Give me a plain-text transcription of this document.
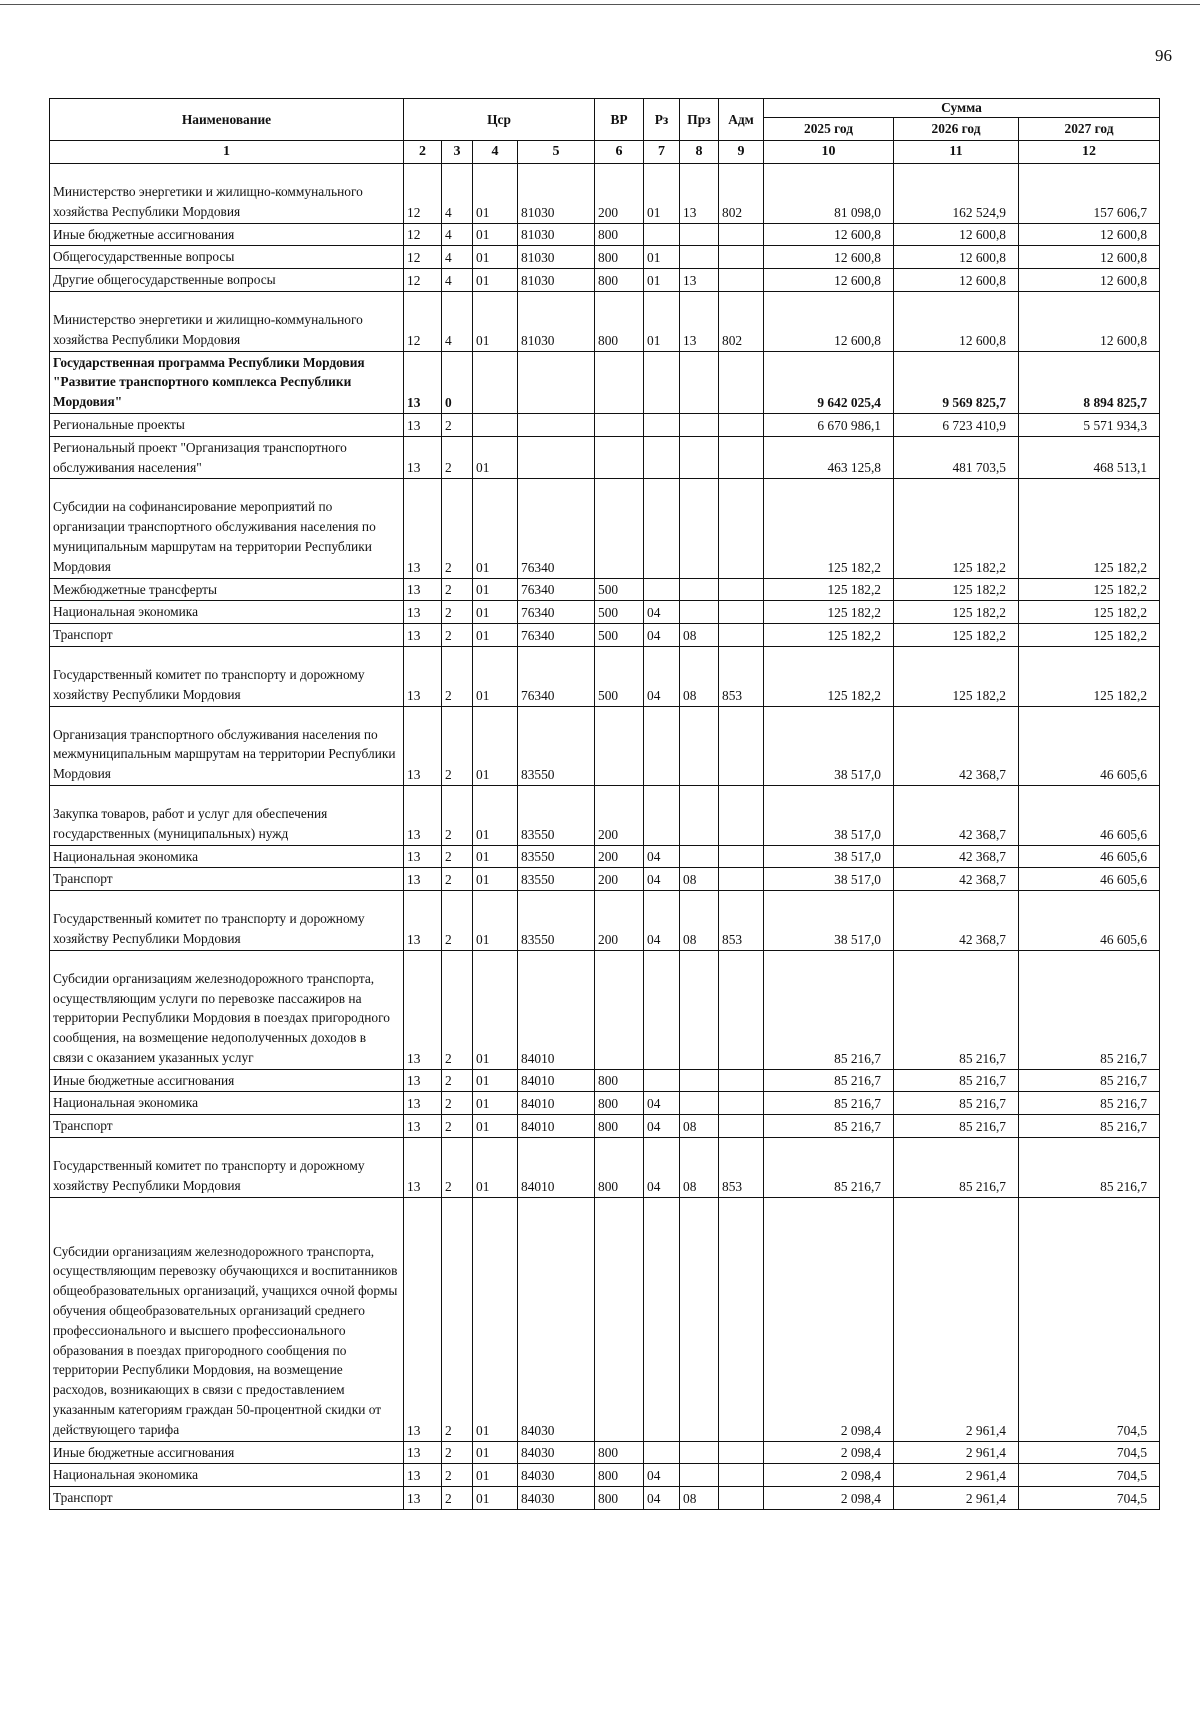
96
Наименование	Цср				ВР	Рз	Прз	Адм	Сумма		
									2025 год	2026 год	2027 год
1	2	3	4	5	6	7	8	9	10	11	12
Министерство энергетики и жилищно-коммунального хозяйства Республики Мордовия	12	4	01	81030	200	01	13	802	81 098,0	162 524,9	157 606,7
Иные бюджетные ассигнования	12	4	01	81030	800				12 600,8	12 600,8	12 600,8
Общегосударственные вопросы	12	4	01	81030	800	01			12 600,8	12 600,8	12 600,8
Другие общегосударственные вопросы	12	4	01	81030	800	01	13		12 600,8	12 600,8	12 600,8
Министерство энергетики и жилищно-коммунального хозяйства Республики Мордовия	12	4	01	81030	800	01	13	802	12 600,8	12 600,8	12 600,8
Государственная программа Республики Мордовия "Развитие транспортного комплекса Республики Мордовия"	13	0							9 642 025,4	9 569 825,7	8 894 825,7
Региональные проекты	13	2							6 670 986,1	6 723 410,9	5 571 934,3
Региональный проект "Организация транспортного обслуживания населения"	13	2	01						463 125,8	481 703,5	468 513,1
Субсидии на софинансирование мероприятий по организации транспортного обслуживания населения по муниципальным маршрутам на территории Республики Мордовия	13	2	01	76340					125 182,2	125 182,2	125 182,2
Межбюджетные трансферты	13	2	01	76340	500				125 182,2	125 182,2	125 182,2
Национальная экономика	13	2	01	76340	500	04			125 182,2	125 182,2	125 182,2
Транспорт	13	2	01	76340	500	04	08		125 182,2	125 182,2	125 182,2
Государственный комитет по транспорту и дорожному хозяйству Республики Мордовия	13	2	01	76340	500	04	08	853	125 182,2	125 182,2	125 182,2
Организация транспортного обслуживания населения по межмуниципальным маршрутам на территории Республики Мордовия	13	2	01	83550					38 517,0	42 368,7	46 605,6
Закупка товаров, работ и услуг для обеспечения государственных (муниципальных) нужд	13	2	01	83550	200				38 517,0	42 368,7	46 605,6
Национальная экономика	13	2	01	83550	200	04			38 517,0	42 368,7	46 605,6
Транспорт	13	2	01	83550	200	04	08		38 517,0	42 368,7	46 605,6
Государственный комитет по транспорту и дорожному хозяйству Республики Мордовия	13	2	01	83550	200	04	08	853	38 517,0	42 368,7	46 605,6
Субсидии организациям железнодорожного транспорта, осуществляющим услуги по перевозке пассажиров на территории Республики Мордовия в поездах пригородного сообщения, на возмещение недополученных доходов в связи с оказанием указанных услуг	13	2	01	84010					85 216,7	85 216,7	85 216,7
Иные бюджетные ассигнования	13	2	01	84010	800				85 216,7	85 216,7	85 216,7
Национальная экономика	13	2	01	84010	800	04			85 216,7	85 216,7	85 216,7
Транспорт	13	2	01	84010	800	04	08		85 216,7	85 216,7	85 216,7
Государственный комитет по транспорту и дорожному хозяйству Республики Мордовия	13	2	01	84010	800	04	08	853	85 216,7	85 216,7	85 216,7
Субсидии организациям железнодорожного транспорта, осуществляющим перевозку обучающихся и воспитанников общеобразовательных организаций, учащихся очной формы обучения общеобразовательных организаций среднего профессионального и высшего профессионального образования в поездах пригородного сообщения по территории Республики Мордовия, на возмещение расходов, возникающих в связи с предоставлением указанным категориям граждан 50-процентной скидки от действующего тарифа	13	2	01	84030					2 098,4	2 961,4	704,5
Иные бюджетные ассигнования	13	2	01	84030	800				2 098,4	2 961,4	704,5
Национальная экономика	13	2	01	84030	800	04			2 098,4	2 961,4	704,5
Транспорт	13	2	01	84030	800	04	08		2 098,4	2 961,4	704,5
